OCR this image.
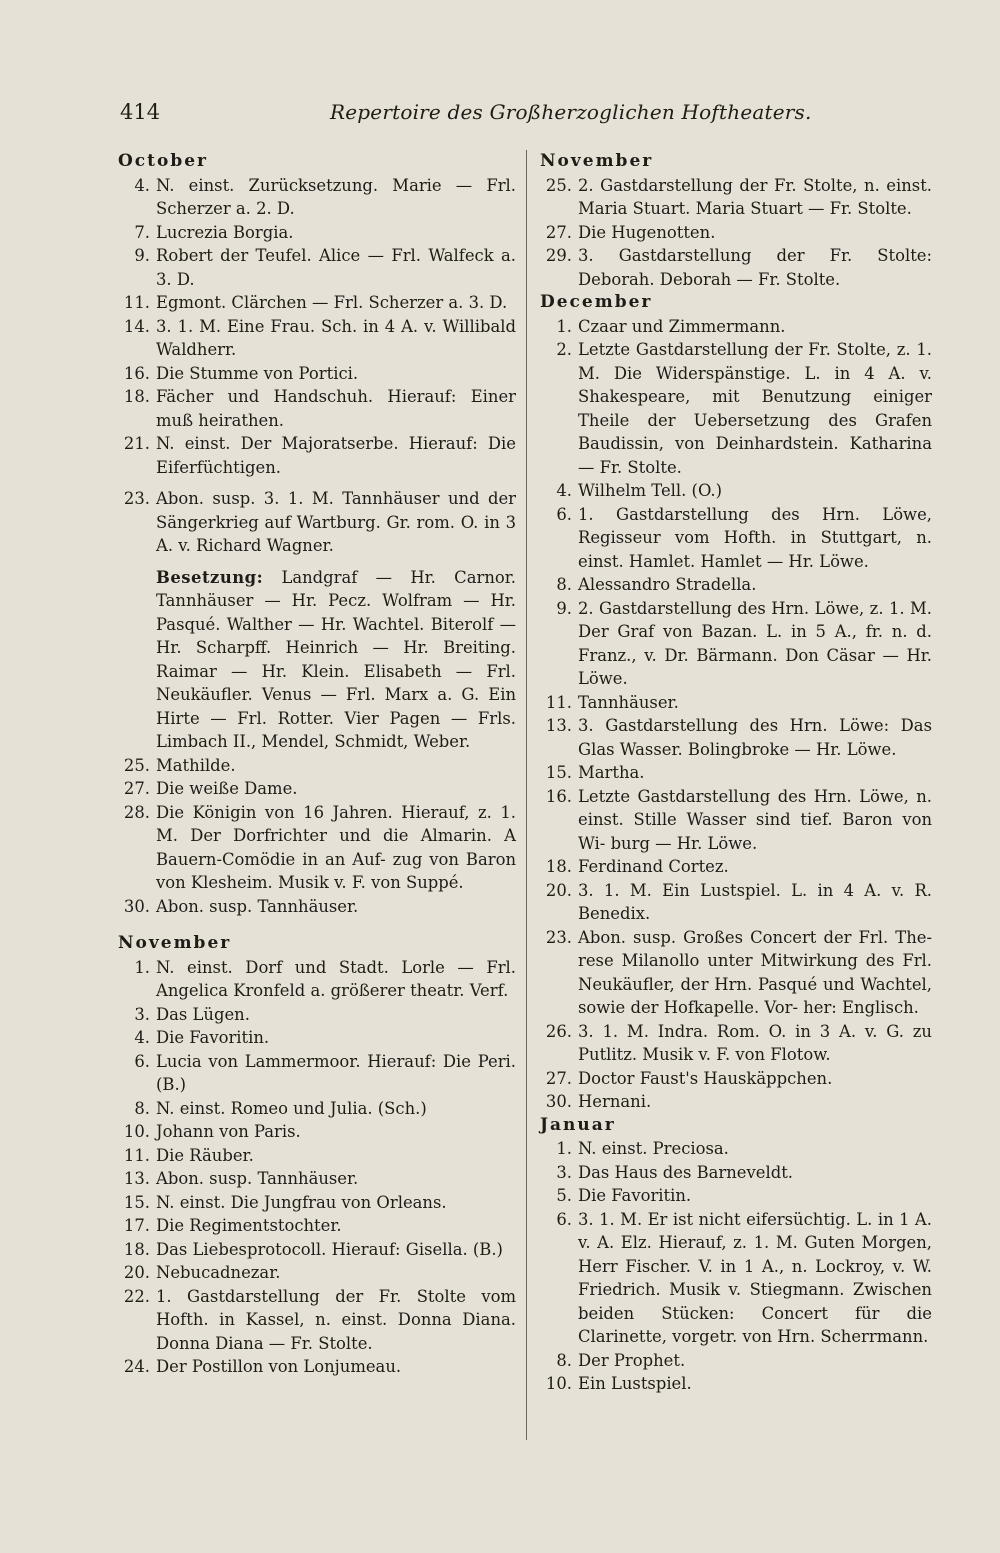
414	Repertoire des Großherzoglichen Hoftheaters.
October
4. N. einst. Zurücksetzung. Marie — Frl. Scherzer a. 2. D.
7. Lucrezia Borgia.
9. Robert der Teufel. Alice — Frl. Walfeck a. 3. D.
11. Egmont. Clärchen — Frl. Scherzer a. 3. D.
14. 3. 1. M. Eine Frau. Sch. in 4 A. v. Willibald Waldherr.
16. Die Stumme von Portici.
18. Fächer und Handschuh. Hierauf: Einer muß heirathen.
21. N. einst. Der Majoratserbe. Hierauf: Die Eiferfüchtigen.
23. Abon. susp. 3. 1. M. Tannhäuser und der Sängerkrieg auf Wartburg. Gr. rom. O. in 3 A. v. Richard Wagner.
Besetzung: Landgraf — Hr. Carnor. Tannhäuser — Hr. Pecz. Wolfram — Hr. Pasqué. Walther — Hr. Wachtel. Biterolf — Hr. Scharpff. Heinrich — Hr. Breiting. Raimar — Hr. Klein. Elisabeth — Frl. Neukäufler. Venus — Frl. Marx a. G. Ein Hirte — Frl. Rotter. Vier Pagen — Frls. Limbach II., Mendel, Schmidt, Weber.
25. Mathilde.
27. Die weiße Dame.
28. Die Königin von 16 Jahren. Hierauf, z. 1. M. Der Dorfrichter und die Almarin. A Bauern-Comödie in an Auf- zug von Baron von Klesheim. Musik v. F. von Suppé.
30. Abon. susp. Tannhäuser.
November
1. N. einst. Dorf und Stadt. Lorle — Frl. Angelica Kronfeld a. größerer theatr. Verf.
3. Das Lügen.
4. Die Favoritin.
6. Lucia von Lammermoor. Hierauf: Die Peri. (B.)
8. N. einst. Romeo und Julia. (Sch.)
10. Johann von Paris.
11. Die Räuber.
13. Abon. susp. Tannhäuser.
15. N. einst. Die Jungfrau von Orleans.
17. Die Regimentstochter.
18. Das Liebesprotocoll. Hierauf: Gisella. (B.)
20. Nebucadnezar.
22. 1. Gastdarstellung der Fr. Stolte vom Hofth. in Kassel, n. einst. Donna Diana. Donna Diana — Fr. Stolte.
24. Der Postillon von Lonjumeau.
November
25. 2. Gastdarstellung der Fr. Stolte, n. einst. Maria Stuart. Maria Stuart — Fr. Stolte.
27. Die Hugenotten.
29. 3. Gastdarstellung der Fr. Stolte: Deborah. Deborah — Fr. Stolte.
December
1. Czaar und Zimmermann.
2. Letzte Gastdarstellung der Fr. Stolte, z. 1. M. Die Widerspänstige. L. in 4 A. v. Shakespeare, mit Benutzung einiger Theile der Uebersetzung des Grafen Baudissin, von Deinhardstein. Katharina — Fr. Stolte.
4. Wilhelm Tell. (O.)
6. 1. Gastdarstellung des Hrn. Löwe, Regisseur vom Hofth. in Stuttgart, n. einst. Hamlet. Hamlet — Hr. Löwe.
8. Alessandro Stradella.
9. 2. Gastdarstellung des Hrn. Löwe, z. 1. M. Der Graf von Bazan. L. in 5 A., fr. n. d. Franz., v. Dr. Bärmann. Don Cäsar — Hr. Löwe.
11. Tannhäuser.
13. 3. Gastdarstellung des Hrn. Löwe: Das Glas Wasser. Bolingbroke — Hr. Löwe.
15. Martha.
16. Letzte Gastdarstellung des Hrn. Löwe, n. einst. Stille Wasser sind tief. Baron von Wi- burg — Hr. Löwe.
18. Ferdinand Cortez.
20. 3. 1. M. Ein Lustspiel. L. in 4 A. v. R. Benedix.
23. Abon. susp. Großes Concert der Frl. The- rese Milanollo unter Mitwirkung des Frl. Neukäufler, der Hrn. Pasqué und Wachtel, sowie der Hofkapelle. Vor- her: Englisch.
26. 3. 1. M. Indra. Rom. O. in 3 A. v. G. zu Putlitz. Musik v. F. von Flotow.
27. Doctor Faust's Hauskäppchen.
30. Hernani.
Januar
1. N. einst. Preciosa.
3. Das Haus des Barneveldt.
5. Die Favoritin.
6. 3. 1. M. Er ist nicht eifersüchtig. L. in 1 A. v. A. Elz. Hierauf, z. 1. M. Guten Morgen, Herr Fischer. V. in 1 A., n. Lockroy, v. W. Friedrich. Musik v. Stiegmann. Zwischen beiden Stücken: Concert für die Clarinette, vorgetr. von Hrn. Scherrmann.
8. Der Prophet.
10. Ein Lustspiel.
